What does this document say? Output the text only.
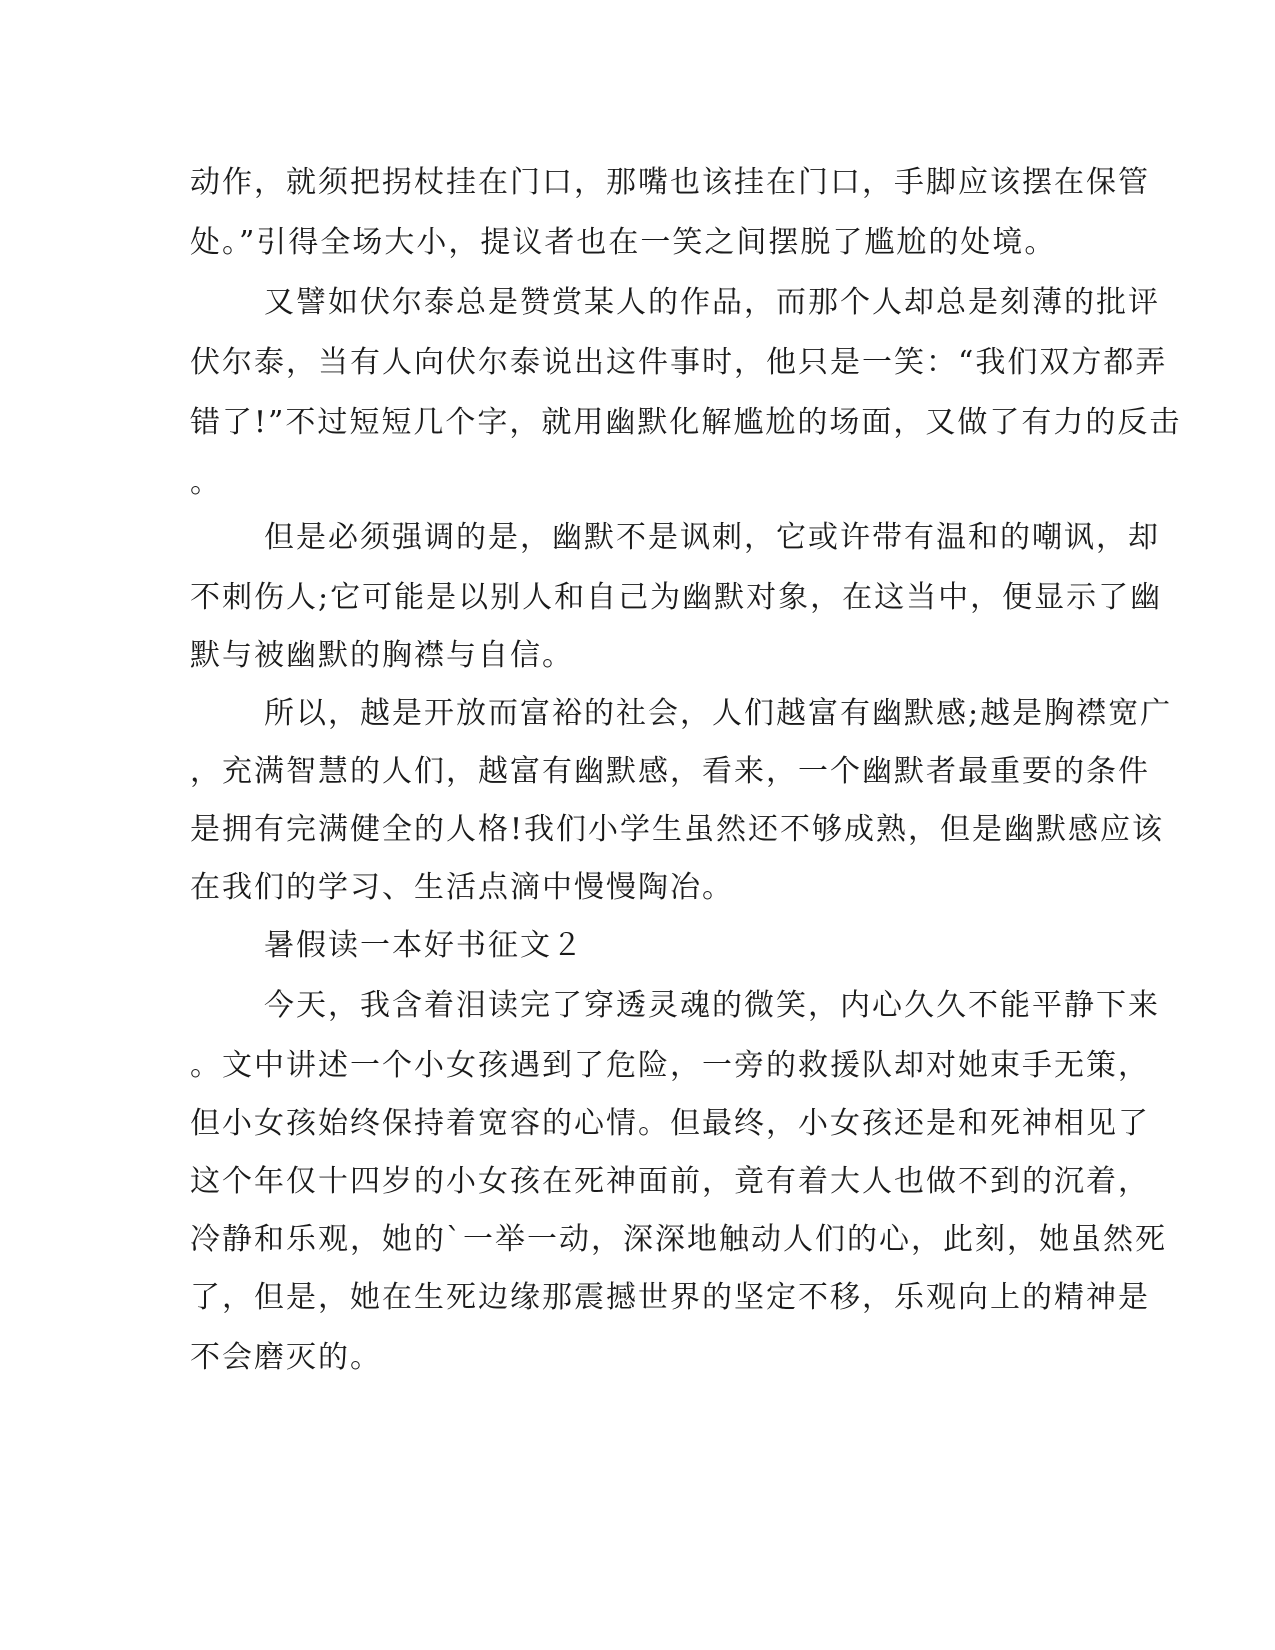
动作，就须把拐杖挂在门口，那嘴也该挂在门口，手脚应该摆在保管
处。”引得全场大小，提议者也在一笑之间摆脱了尴尬的处境。
又譬如伏尔泰总是赞赏某人的作品，而那个人却总是刻薄的批评
伏尔泰，当有人向伏尔泰说出这件事时，他只是一笑：“我们双方都弄
错了!”不过短短几个字，就用幽默化解尴尬的场面，又做了有力的反击
。
但是必须强调的是，幽默不是讽刺，它或许带有温和的嘲讽，却
不刺伤人;它可能是以别人和自己为幽默对象，在这当中，便显示了幽
默与被幽默的胸襟与自信。
所以，越是开放而富裕的社会，人们越富有幽默感;越是胸襟宽广
，充满智慧的人们，越富有幽默感，看来，一个幽默者最重要的条件
是拥有完满健全的人格!我们小学生虽然还不够成熟，但是幽默感应该
在我们的学习、生活点滴中慢慢陶冶。
暑假读一本好书征文２
今天，我含着泪读完了穿透灵魂的微笑，内心久久不能平静下来
。文中讲述一个小女孩遇到了危险，一旁的救援队却对她束手无策，
但小女孩始终保持着宽容的心情。但最终，小女孩还是和死神相见了
这个年仅十四岁的小女孩在死神面前，竟有着大人也做不到的沉着，
冷静和乐观，她的`一举一动，深深地触动人们的心，此刻，她虽然死
了，但是，她在生死边缘那震撼世界的坚定不移，乐观向上的精神是
不会磨灭的。
